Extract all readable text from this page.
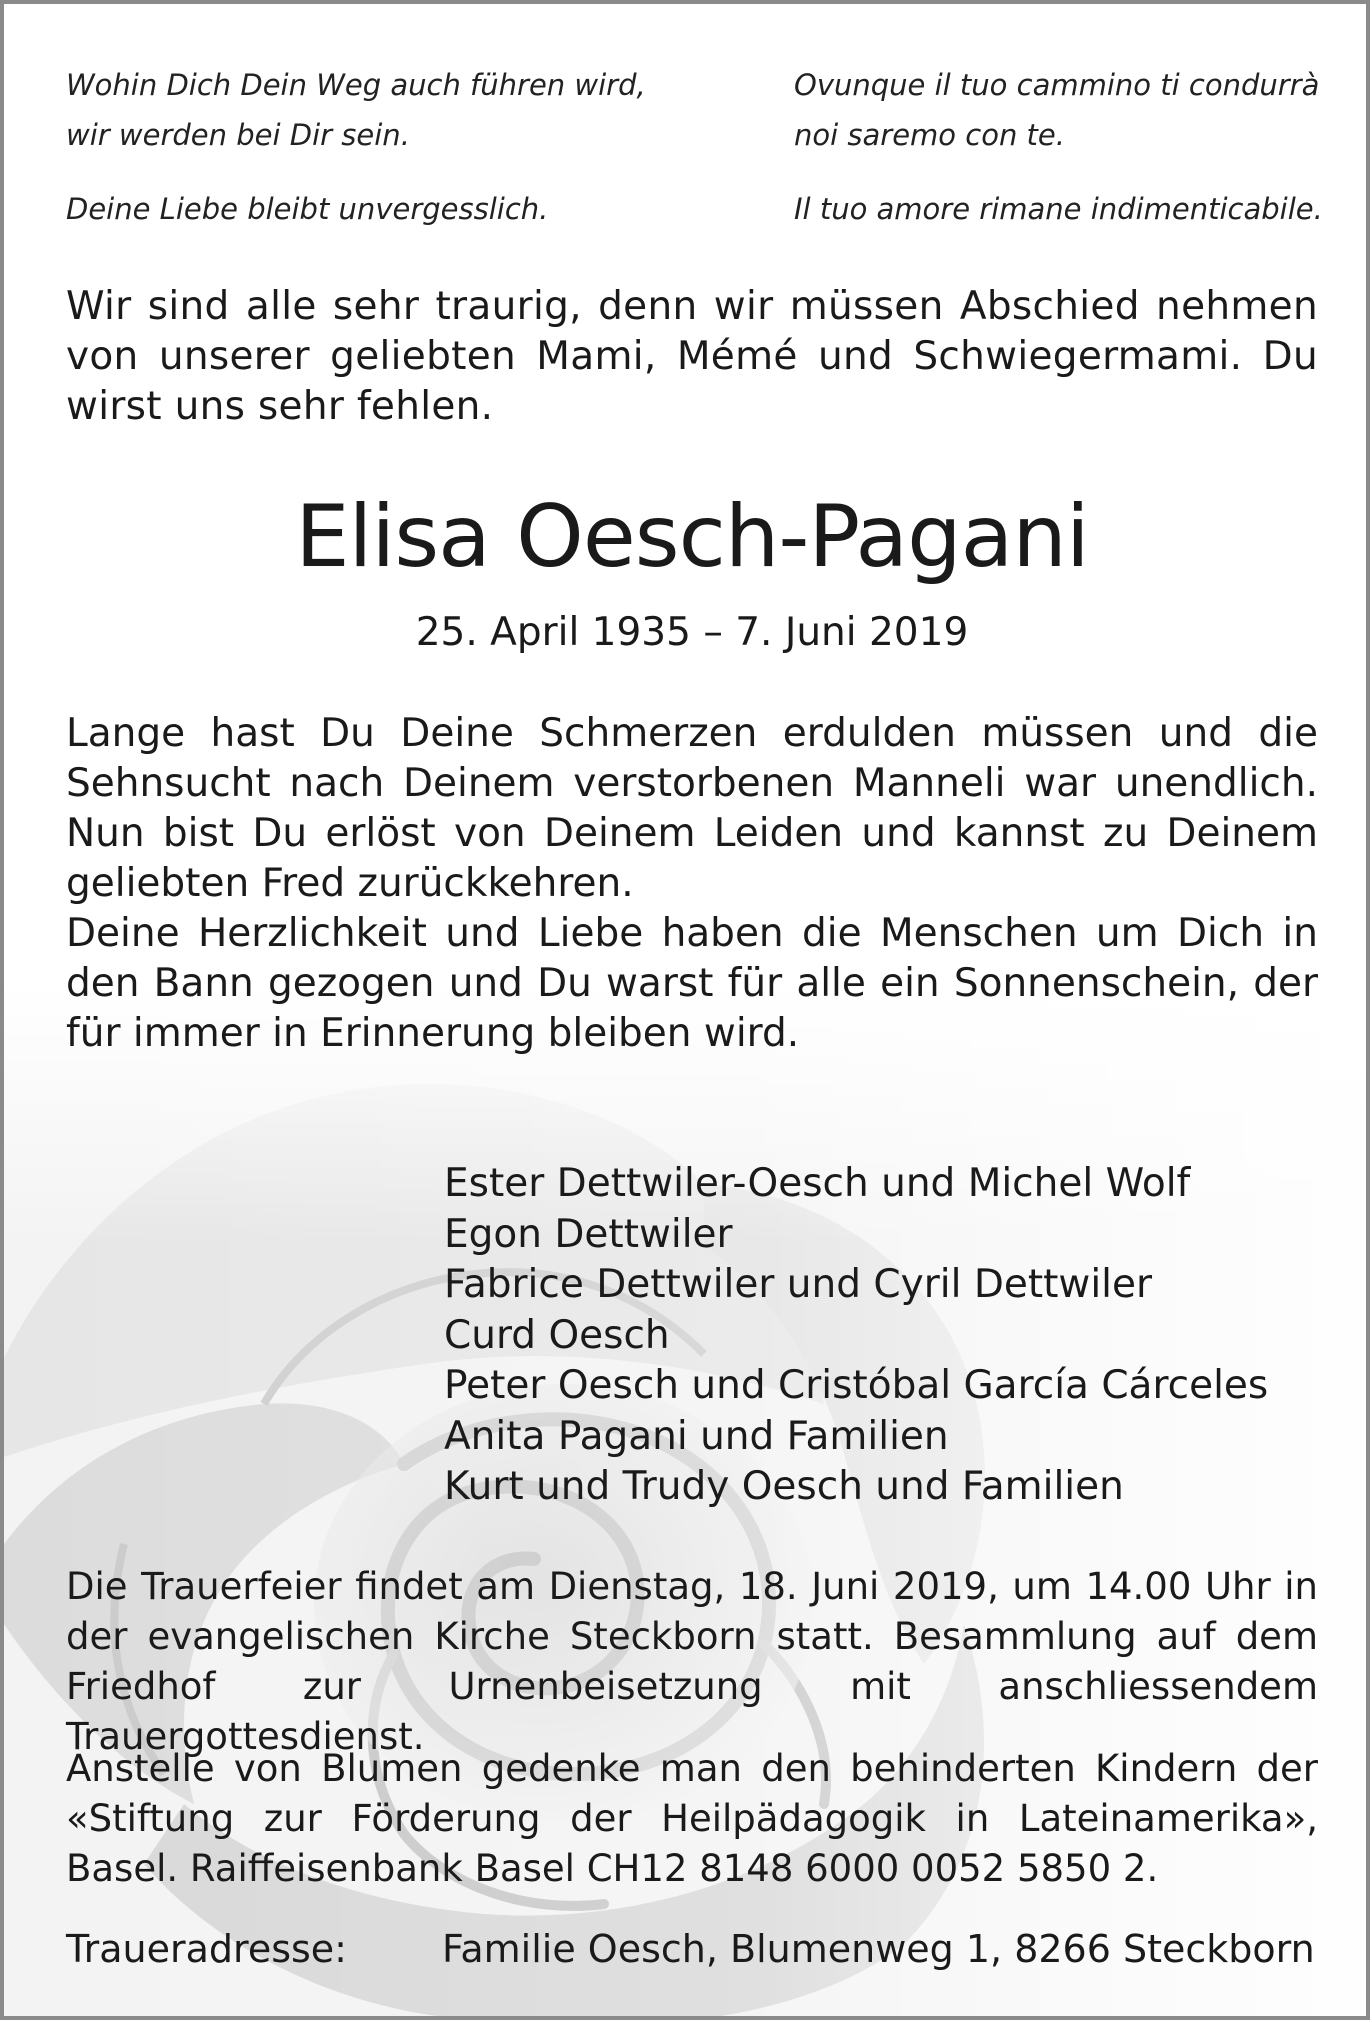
Wohin Dich Dein Weg auch führen wird,
wir werden bei Dir sein.
Deine Liebe bleibt unvergesslich.
Ovunque il tuo cammino ti condurrà
noi saremo con te.
Il tuo amore rimane indimenticabile.
Wir sind alle sehr traurig, denn wir müssen Abschied nehmen von unserer geliebten Mami, Mémé und Schwiegermami. Du wirst uns sehr fehlen.
Elisa Oesch-Pagani
25. April 1935 – 7. Juni 2019

Lange hast Du Deine Schmerzen erdulden müssen und die Sehnsucht nach Deinem verstorbenen Manneli war unendlich. Nun bist Du erlöst von Deinem Leiden und kannst zu Deinem geliebten Fred zurückkehren.

Deine Herzlichkeit und Liebe haben die Menschen um Dich in den Bann gezogen und Du warst für alle ein Sonnenschein, der für immer in Erinnerung bleiben wird.

Ester Dettwiler-Oesch und Michel Wolf
Egon Dettwiler
Fabrice Dettwiler und Cyril Dettwiler
Curd Oesch
Peter Oesch und Cristóbal García Cárceles
Anita Pagani und Familien
Kurt und Trudy Oesch und Familien
Die Trauerfeier findet am Dienstag, 18. Juni 2019, um 14.00 Uhr in der evangelischen Kirche Steckborn statt. Besammlung auf dem Friedhof zur Urnenbeisetzung mit anschliessendem Trauergottesdienst.
Anstelle von Blumen gedenke man den behinderten Kindern der «Stiftung zur Förderung der Heilpädagogik in Lateinamerika», Basel. Raiffeisenbank Basel CH12 8148 6000 0052 5850 2.
Traueradresse:	Familie Oesch, Blumenweg 1, 8266 Steckborn
